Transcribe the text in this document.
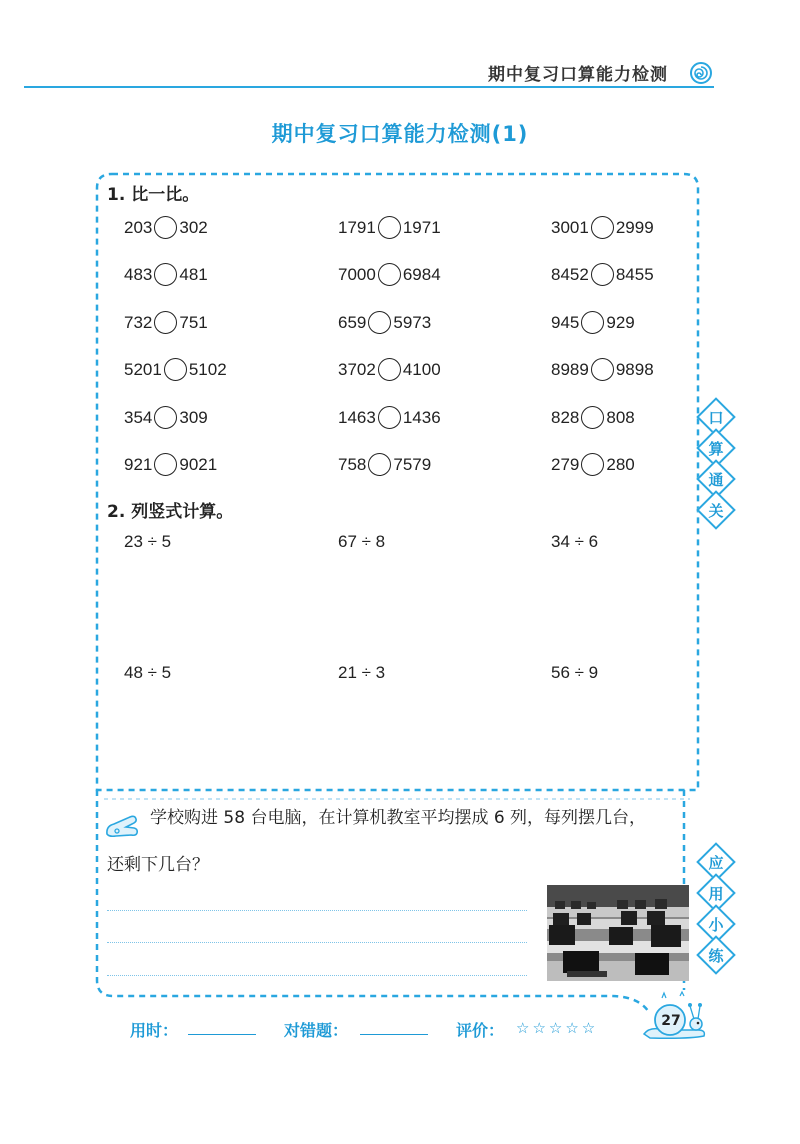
期中复习口算能力检测
期中复习口算能力检测(1)
1. 比一比。
203 302	1791 1971	3001 2999
483 481	7000 6984	8452 8455
732 751	659 5973	945 929
5201 5102	3702 4100	8989 9898
354 309	1463 1436	828 808
921 9021	758 7579	279 280
2. 列竖式计算。
23 ÷ 5	67 ÷ 8	34 ÷ 6
48 ÷ 5	21 ÷ 3	56 ÷ 9
口
算
通
关
应
用
小
练
学校购进 58 台电脑，在计算机教室平均摆成 6 列，每列摆几台，
还剩下几台？
用时：	对错题：	评价： ☆☆☆☆☆	27
